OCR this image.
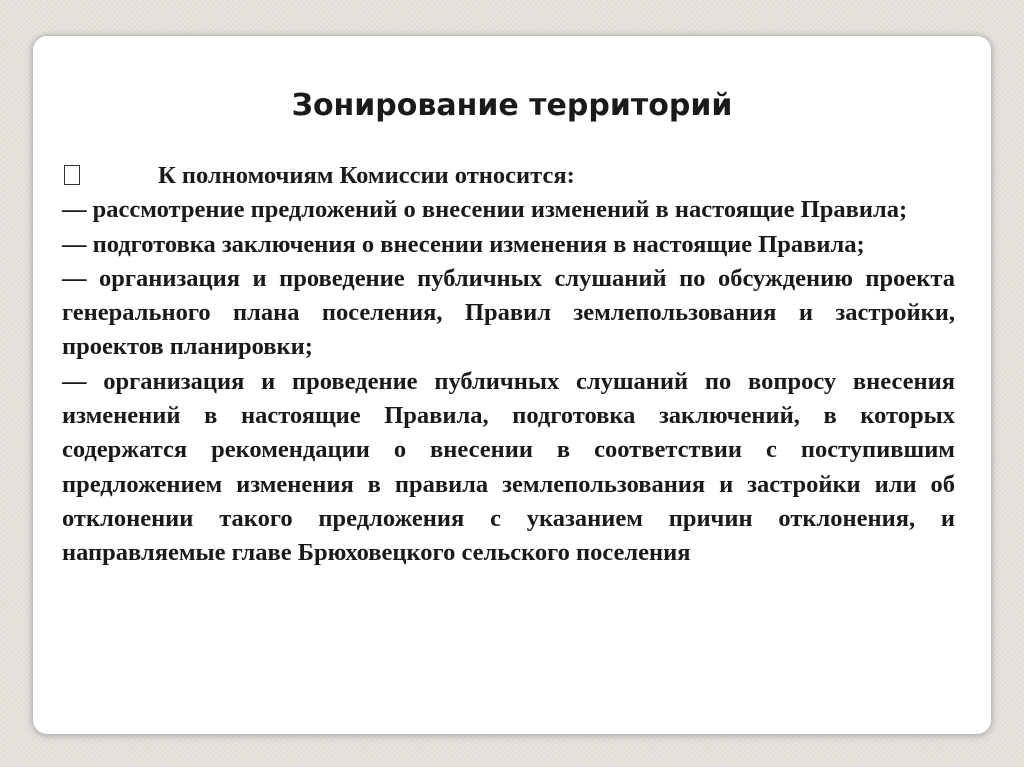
Зонирование территорий

К полномочиям Комиссии относится:

— рассмотрение предложений о внесении изменений в настоящие Правила;

— подготовка заключения о внесении изменения в настоящие Правила;

— организация и проведение публичных слушаний по обсуждению проекта генерального плана поселения, Правил землепользования и застройки, проектов планировки;

— организация и проведение публичных слушаний по вопросу внесения изменений в настоящие Правила, подготовка заключений, в которых содержатся рекомендации о внесении в соответствии с поступившим предложением изменения в правила землепользования и застройки или об отклонении такого предложения с указанием причин отклонения, и направляемые главе Брюховецкого сельского поселения
